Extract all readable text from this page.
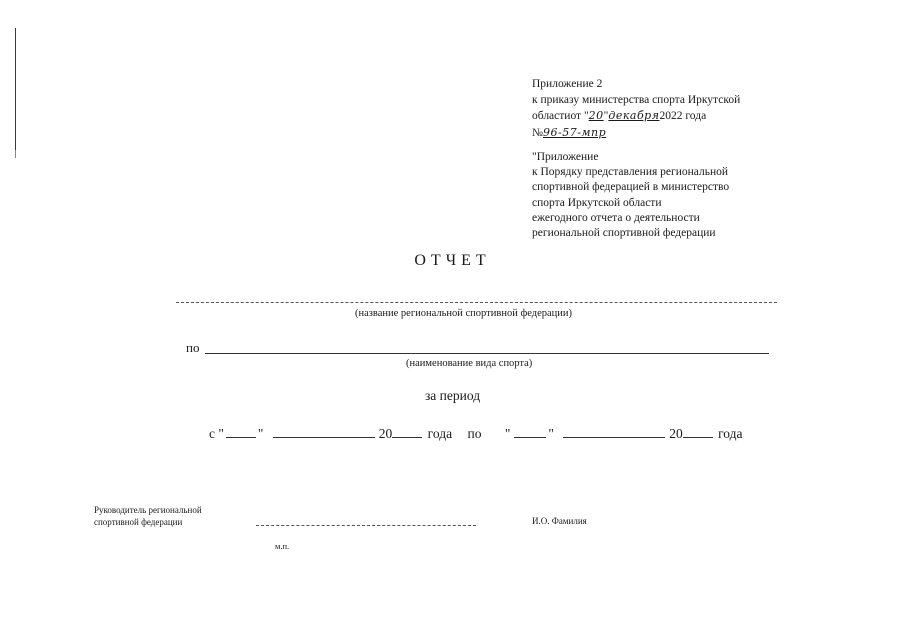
Приложение 2
к приказу министерства спорта Иркутской
областиот "20"декабря2022 года
№96-57-мпр
"Приложение
к Порядку представления региональной
спортивной федерацией в министерство
спорта Иркутской области
ежегодного отчета о деятельности
региональной спортивной федерации
ОТЧЕТ
(название региональной спортивной федерации)
по
(наименование вида спорта)
за период
с "	"	20	года по "	"	20	года
Руководитель региональной
спортивной федерации	И.О. Фамилия
м.п.
